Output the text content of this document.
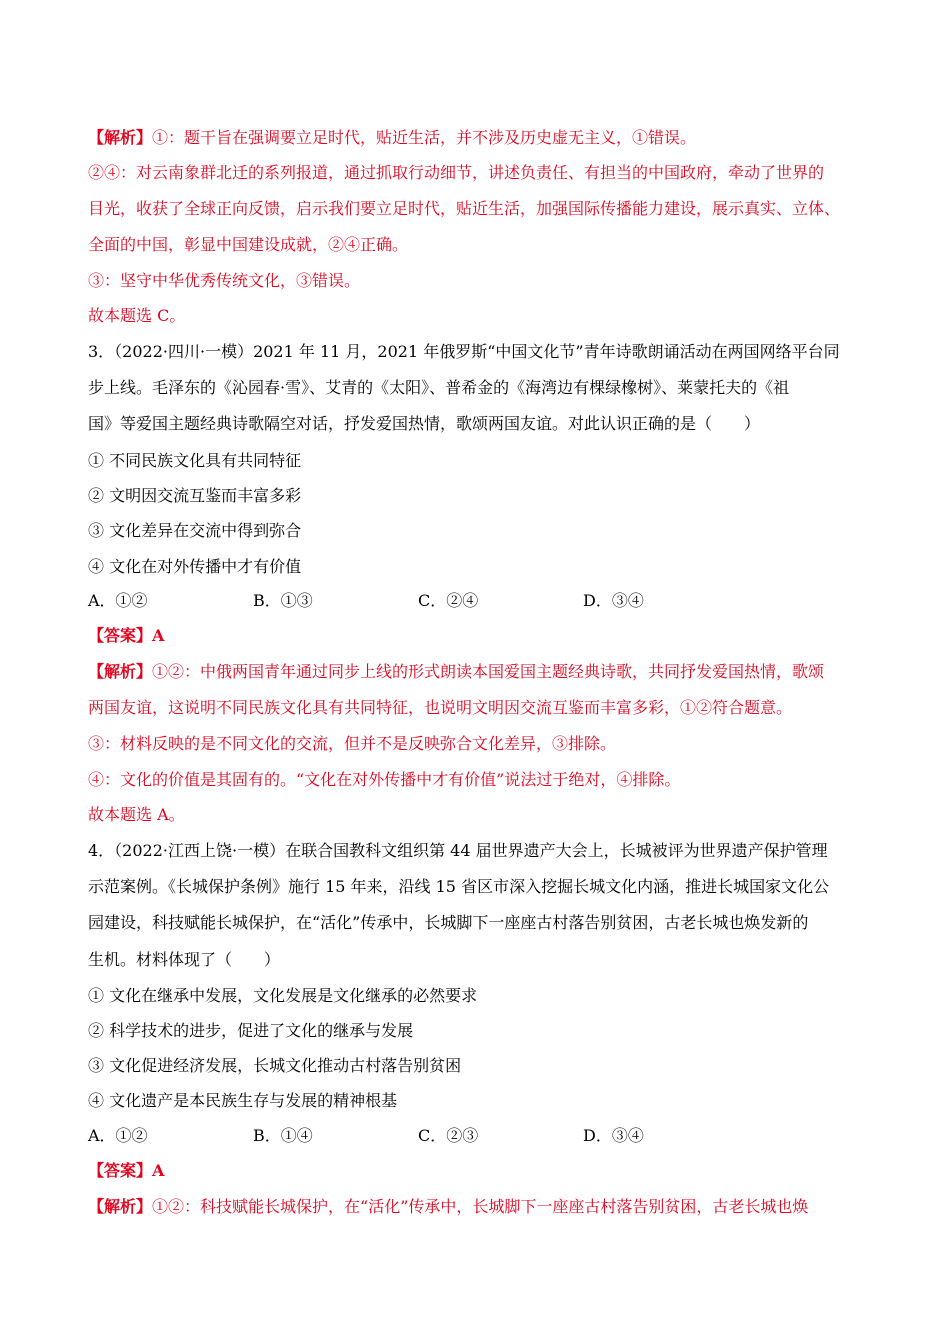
【解析】①：题干旨在强调要立足时代，贴近生活，并不涉及历史虚无主义，①错误。
②④：对云南象群北迁的系列报道，通过抓取行动细节，讲述负责任、有担当的中国政府，牵动了世界的
目光，收获了全球正向反馈，启示我们要立足时代，贴近生活，加强国际传播能力建设，展示真实、立体、
全面的中国，彰显中国建设成就，②④正确。
③：坚守中华优秀传统文化，③错误。
故本题选 C。
3．（2022·四川·一模）2021 年 11 月，2021 年俄罗斯“中国文化节”青年诗歌朗诵活动在两国网络平台同
步上线。毛泽东的《沁园春·雪》、艾青的《太阳》、普希金的《海湾边有棵绿橡树》、莱蒙托夫的《祖
国》等爱国主题经典诗歌隔空对话，抒发爱国热情，歌颂两国友谊。对此认识正确的是（　　）
① 不同民族文化具有共同特征
② 文明因交流互鉴而丰富多彩
③ 文化差异在交流中得到弥合
④ 文化在对外传播中才有价值
A．①②	B．①③	C．②④	D．③④
【答案】A
【解析】①②：中俄两国青年通过同步上线的形式朗读本国爱国主题经典诗歌，共同抒发爱国热情，歌颂
两国友谊，这说明不同民族文化具有共同特征，也说明文明因交流互鉴而丰富多彩，①②符合题意。
③：材料反映的是不同文化的交流，但并不是反映弥合文化差异，③排除。
④：文化的价值是其固有的。“文化在对外传播中才有价值”说法过于绝对，④排除。
故本题选 A。
4．（2022·江西上饶·一模）在联合国教科文组织第 44 届世界遗产大会上，长城被评为世界遗产保护管理
示范案例。《长城保护条例》施行 15 年来，沿线 15 省区市深入挖掘长城文化内涵，推进长城国家文化公
园建设，科技赋能长城保护，在“活化”传承中，长城脚下一座座古村落告别贫困，古老长城也焕发新的
生机。材料体现了（　　）
① 文化在继承中发展，文化发展是文化继承的必然要求
② 科学技术的进步，促进了文化的继承与发展
③ 文化促进经济发展，长城文化推动古村落告别贫困
④ 文化遗产是本民族生存与发展的精神根基
A．①②	B．①④	C．②③	D．③④
【答案】A
【解析】①②：科技赋能长城保护，在“活化”传承中，长城脚下一座座古村落告别贫困，古老长城也焕
